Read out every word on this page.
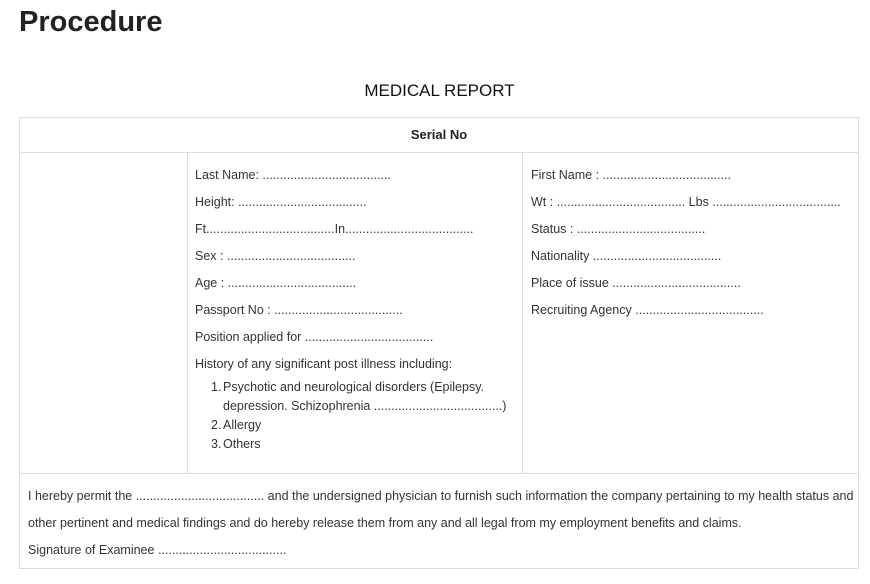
Procedure
MEDICAL REPORT
Serial No
Last Name: .....................................
Height: .....................................
Ft.....................................In.....................................
Sex : .....................................
Age : .....................................
Passport No : .....................................
Position applied for .....................................
History of any significant post illness including:
1. Psychotic and neurological disorders (Epilepsy.
depression. Schizophrenia .....................................)
2. Allergy
3. Others
First Name : .....................................
Wt : ..................................... Lbs .....................................
Status : .....................................
Nationality .....................................
Place of issue .....................................
Recruiting Agency .....................................
I hereby permit the ..................................... and the undersigned physician to furnish such information the company pertaining to my health status and
other pertinent and medical findings and do hereby release them from any and all legal from my employment benefits and claims.
Signature of Examinee .....................................
